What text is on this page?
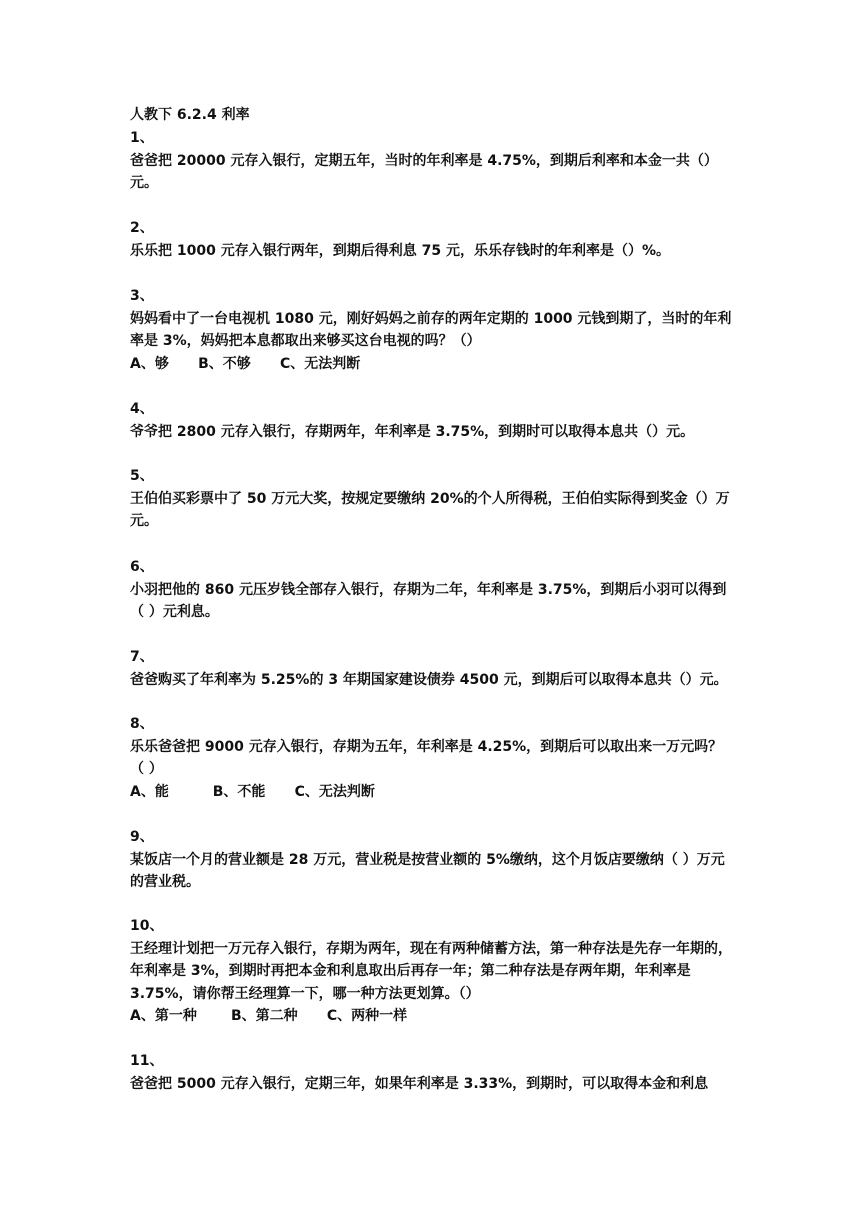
人教下 6.2.4 利率
1、
爸爸把 20000 元存入银行，定期五年，当时的年利率是 4.75%，到期后利率和本金一共（）元。
2、
乐乐把 1000 元存入银行两年，到期后得利息 75 元，乐乐存钱时的年利率是（）%。
3、
妈妈看中了一台电视机 1080 元，刚好妈妈之前存的两年定期的 1000 元钱到期了，当时的年利率是 3%，妈妈把本息都取出来够买这台电视的吗？（）
A、够 B、不够 C、无法判断
4、
爷爷把 2800 元存入银行，存期两年，年利率是 3.75%，到期时可以取得本息共（）元。
5、
王伯伯买彩票中了 50 万元大奖，按规定要缴纳 20%的个人所得税，王伯伯实际得到奖金（）万元。
6、
小羽把他的 860 元压岁钱全部存入银行，存期为二年，年利率是 3.75%，到期后小羽可以得到（ ）元利息。
7、
爸爸购买了年利率为 5.25%的 3 年期国家建设债券 4500 元，到期后可以取得本息共（）元。
8、
乐乐爸爸把 9000 元存入银行，存期为五年，年利率是 4.25%，到期后可以取出来一万元吗？（ ）
A、能	B、不能 C、无法判断
9、
某饭店一个月的营业额是 28 万元，营业税是按营业额的 5%缴纳，这个月饭店要缴纳（ ）万元的营业税。
10、
王经理计划把一万元存入银行，存期为两年，现在有两种储蓄方法，第一种存法是先存一年期的，年利率是 3%，到期时再把本金和利息取出后再存一年；第二种存法是存两年期，年利率是 3.75%，请你帮王经理算一下，哪一种方法更划算。（）
A、第一种 B、第二种 C、两种一样
11、
爸爸把 5000 元存入银行，定期三年，如果年利率是 3.33%，到期时，可以取得本金和利息
